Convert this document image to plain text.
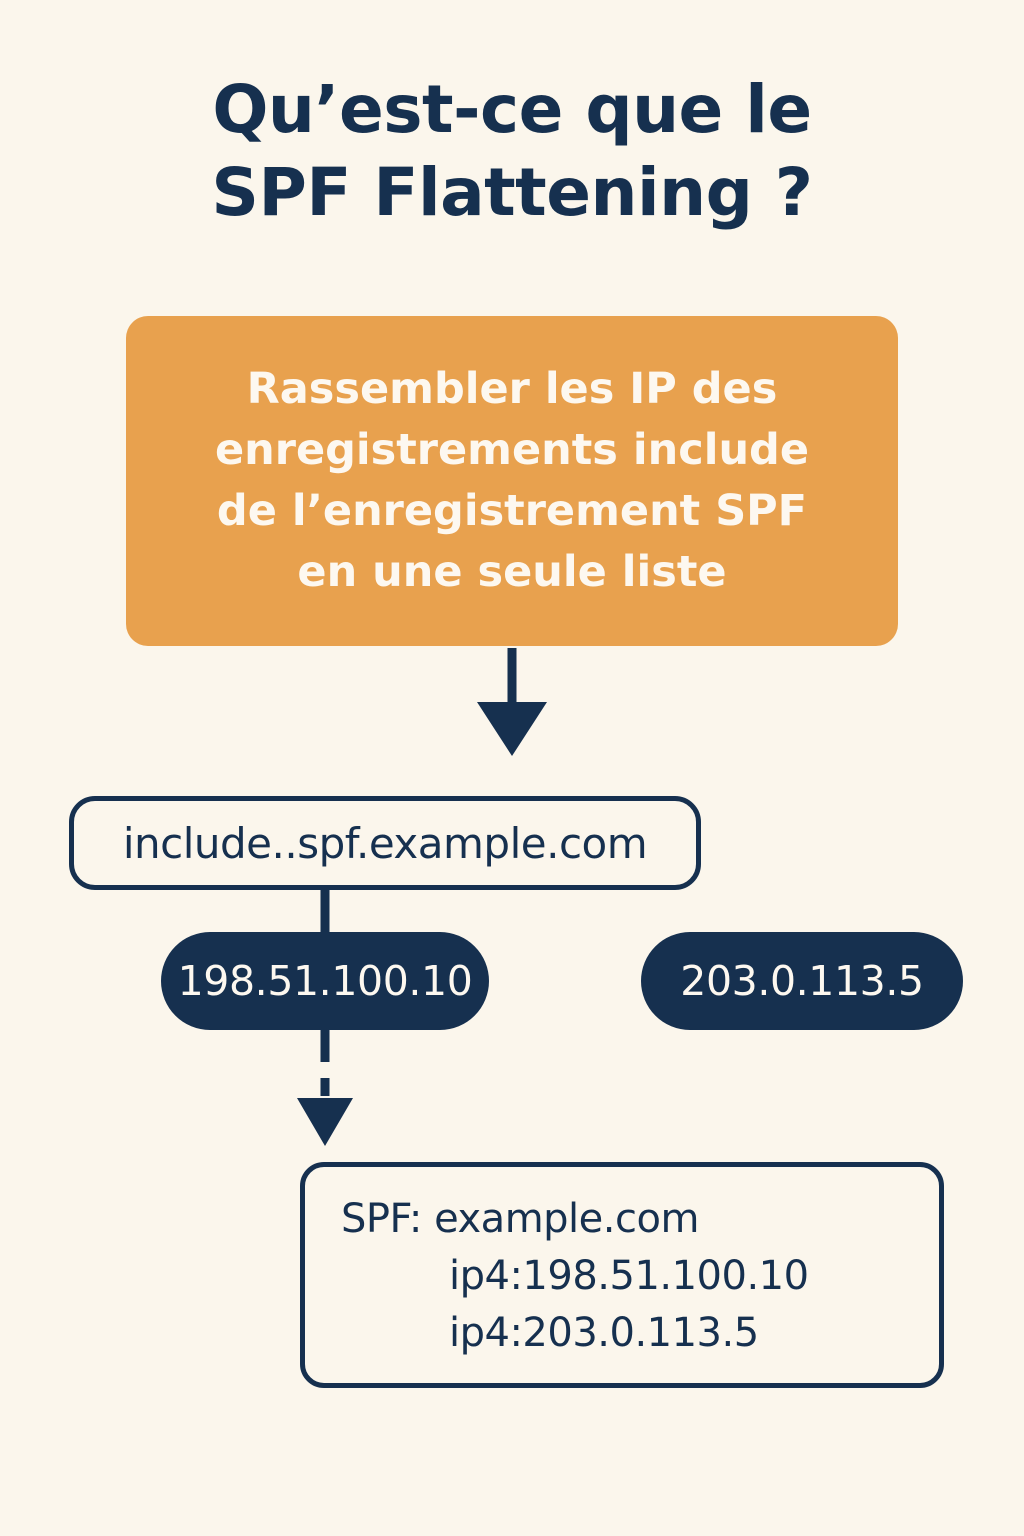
Qu’est-ce que le
SPF Flattening ?
Rassembler les IP des
enregistrements include
de l’enregistrement SPF
en une seule liste
include..spf.example.com
198.51.100.10	203.0.113.5
SPF: example.com
ip4:198.51.100.10
ip4:203.0.113.5
